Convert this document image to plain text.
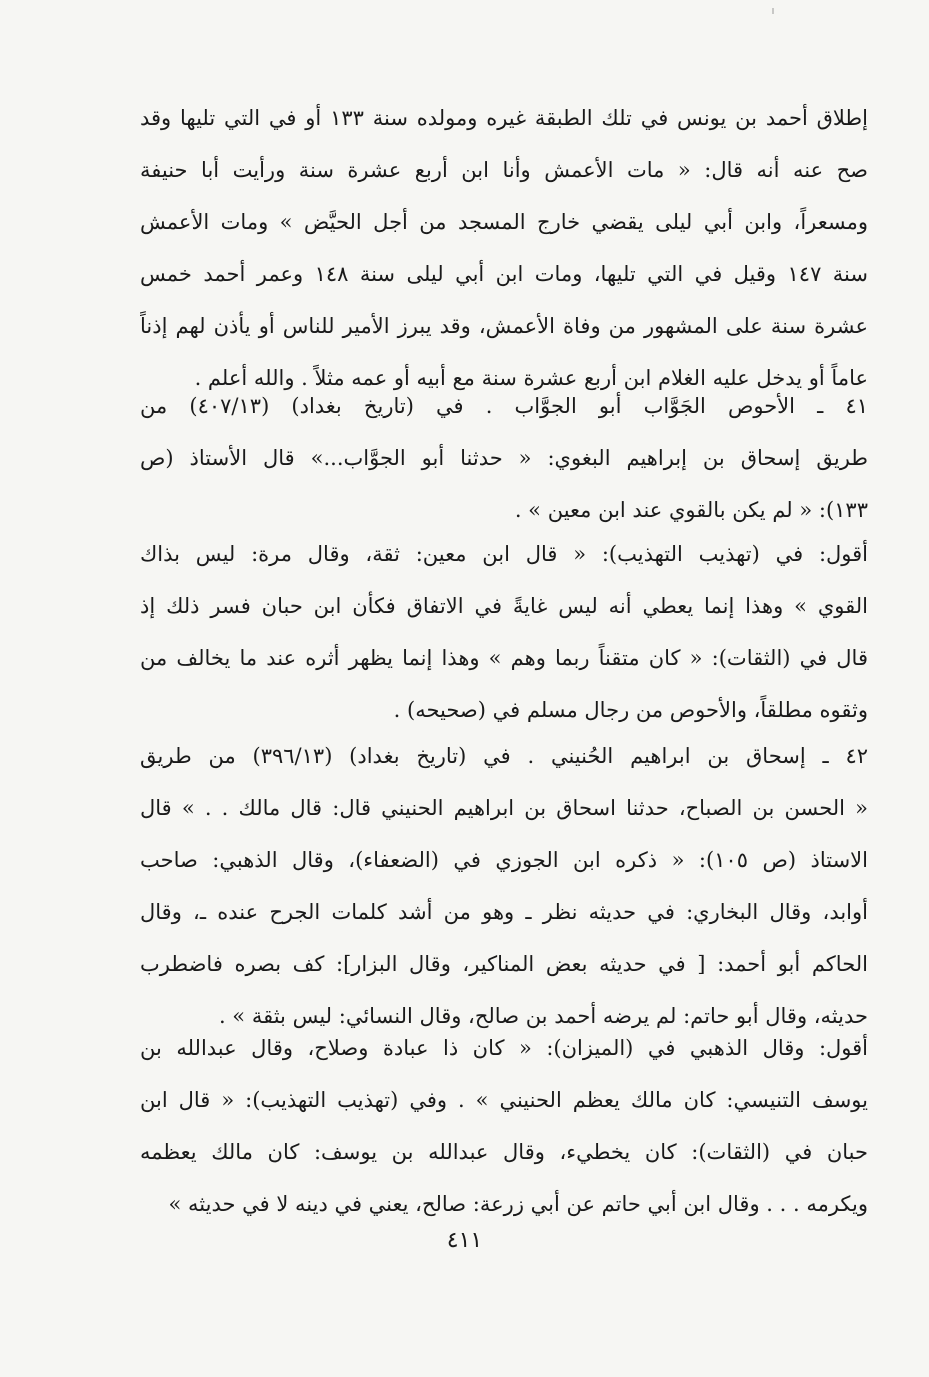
إطلاق أحمد بن يونس في تلك الطبقة غيره ومولده سنة ١٣٣ أو في التي تليها وقد
صح عنه أنه قال: « مات الأعمش وأنا ابن أربع عشرة سنة ورأيت أبا حنيفة
ومسعراً، وابن أبي ليلى يقضي خارج المسجد من أجل الحيَّض » ومات الأعمش
سنة ١٤٧ وقيل في التي تليها، ومات ابن أبي ليلى سنة ١٤٨ وعمر أحمد خمس
عشرة سنة على المشهور من وفاة الأعمش، وقد يبرز الأمير للناس أو يأذن لهم إذناً
عاماً أو يدخل عليه الغلام ابن أربع عشرة سنة مع أبيه أو عمه مثلاً . والله أعلم .
٤١ ـ الأحوص الجَوَّاب أبو الجوَّاب . في (تاريخ بغداد) (٤٠٧/١٣) من
طريق إسحاق بن إبراهيم البغوي: « حدثنا أبو الجوَّاب...» قال الأستاذ (ص
١٣٣): « لم يكن بالقوي عند ابن معين » .
أقول: في (تهذيب التهذيب): « قال ابن معين: ثقة، وقال مرة: ليس بذاك
القوي » وهذا إنما يعطي أنه ليس غايةً في الاتفاق فكأن ابن حبان فسر ذلك إذ
قال في (الثقات): « كان متقناً ربما وهم » وهذا إنما يظهر أثره عند ما يخالف من
وثقوه مطلقاً، والأحوص من رجال مسلم في (صحيحه) .
٤٢ ـ إسحاق بن ابراهيم الحُنيني . في (تاريخ بغداد) (٣٩٦/١٣) من طريق
« الحسن بن الصباح، حدثنا اسحاق بن ابراهيم الحنيني قال: قال مالك . . » قال
الاستاذ (ص ١٠٥): « ذكره ابن الجوزي في (الضعفاء)، وقال الذهبي: صاحب
أوابد، وقال البخاري: في حديثه نظر ـ وهو من أشد كلمات الجرح عنده ـ، وقال
الحاكم أبو أحمد: [ في حديثه بعض المناكير، وقال البزار]: كف بصره فاضطرب
حديثه، وقال أبو حاتم: لم يرضه أحمد بن صالح، وقال النسائي: ليس بثقة » .
أقول: وقال الذهبي في (الميزان): « كان ذا عبادة وصلاح، وقال عبدالله بن
يوسف التنيسي: كان مالك يعظم الحنيني » . وفي (تهذيب التهذيب): « قال ابن
حبان في (الثقات): كان يخطيء، وقال عبدالله بن يوسف: كان مالك يعظمه
ويكرمه . . . وقال ابن أبي حاتم عن أبي زرعة: صالح، يعني في دينه لا في حديثه »
٤١١
